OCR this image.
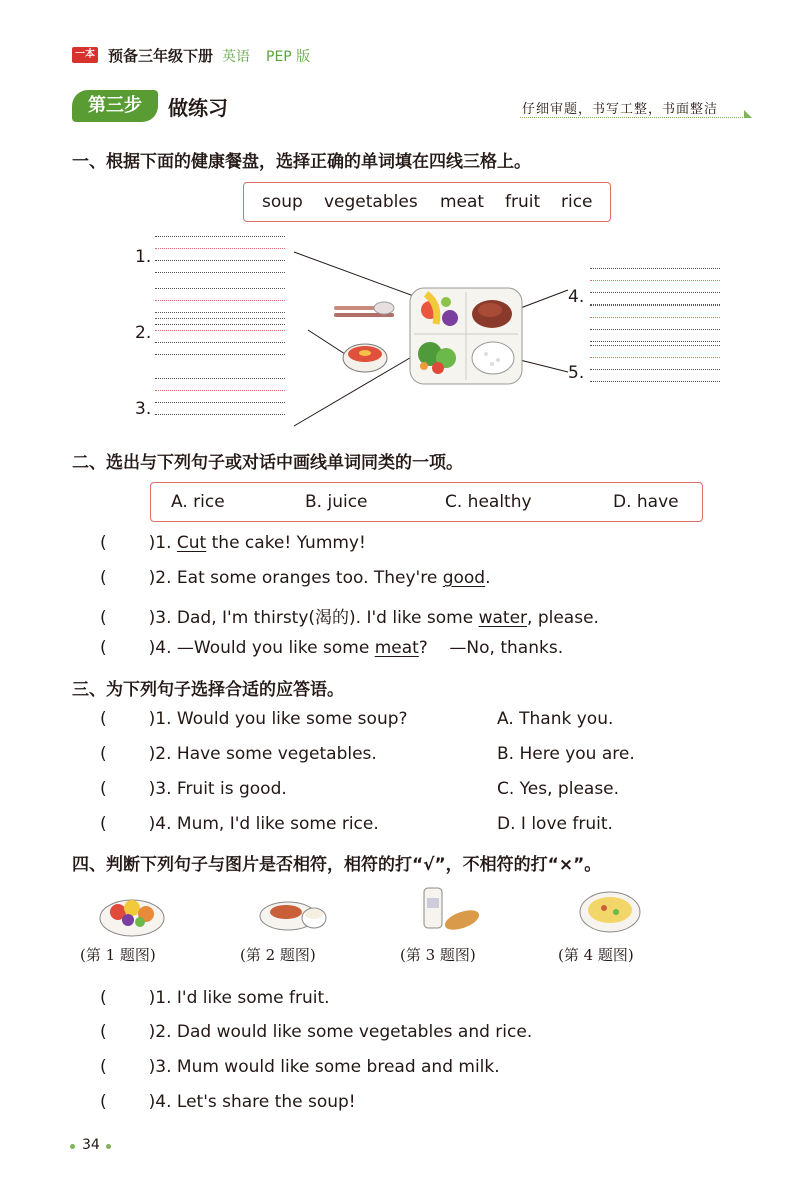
一本 预备三年级下册 英语 PEP 版
第三步	做练习	仔细审题，书写工整，书面整洁
一、根据下面的健康餐盘，选择正确的单词填在四线三格上。
soup vegetables meat fruit rice
1.
2.
3.
4.
5.
二、选出与下列句子或对话中画线单词同类的一项。
A. rice	B. juice	C. healthy	D. have
( )1. Cut the cake! Yummy!
( )2. Eat some oranges too. They're good.
( )3. Dad, I'm thirsty(渴的). I'd like some water, please.
( )4. —Would you like some meat?    —No, thanks.
三、为下列句子选择合适的应答语。
( )1. Would you like some soup?	A. Thank you.
( )2. Have some vegetables.	B. Here you are.
( )3. Fruit is good.	C. Yes, please.
( )4. Mum, I'd like some rice.	D. I love fruit.
四、判断下列句子与图片是否相符，相符的打“√”，不相符的打“×”。
(第 1 题图)	(第 2 题图)	(第 3 题图)	(第 4 题图)
( )1. I'd like some fruit.
( )2. Dad would like some vegetables and rice.
( )3. Mum would like some bread and milk.
( )4. Let's share the soup!
34
